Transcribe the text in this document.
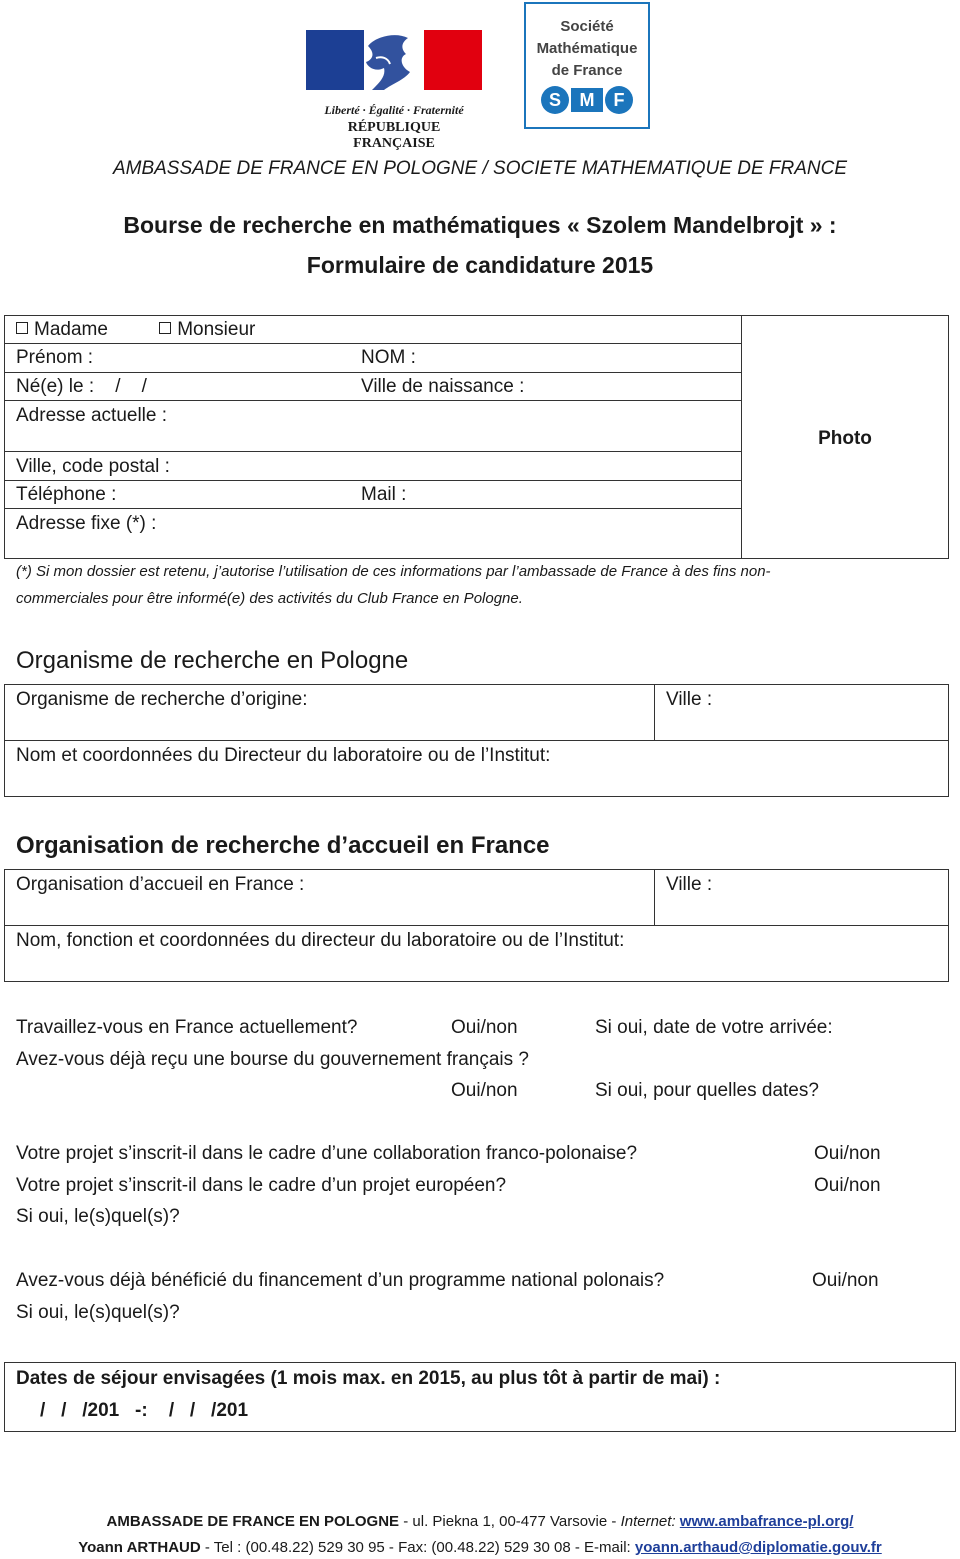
Liberté · Égalité · Fraternité
RÉPUBLIQUE FRANÇAISE
Société
Mathématique
de France
S	M	F
AMBASSADE DE FRANCE EN POLOGNE / SOCIETE MATHEMATIQUE DE FRANCE
Bourse de recherche en mathématiques « Szolem Mandelbrojt » :
Formulaire de candidature 2015
Madame	Monsieur
Prénom :	NOM :
Né(e) le :    /    /	Ville de naissance :
Adresse actuelle :
Ville, code postal :
Téléphone :	Mail :
Adresse fixe (*) :
Photo
(*) Si mon dossier est retenu, j’autorise l’utilisation de ces informations par l’ambassade de France à des fins non-
commerciales pour être informé(e) des activités du Club France en Pologne.
Organisme de recherche en Pologne
Organisme de recherche d’origine:	Ville :
Nom et coordonnées du Directeur du laboratoire ou de l’Institut:
Organisation de recherche d’accueil en France
Organisation d’accueil en France :	Ville :
Nom, fonction et coordonnées du directeur du laboratoire ou de l’Institut:
Travaillez-vous en France actuellement?	Oui/non	Si oui, date de votre arrivée:
Avez-vous déjà reçu une bourse du gouvernement français ?
Oui/non	Si oui, pour quelles dates?
Votre projet s’inscrit-il dans le cadre d’une collaboration franco-polonaise?	Oui/non
Votre projet s’inscrit-il dans le cadre d’un projet européen?	Oui/non
Si oui, le(s)quel(s)?
Avez-vous déjà bénéficié du financement d’un programme national polonais?	Oui/non
Si oui, le(s)quel(s)?
Dates de séjour envisagées (1 mois max. en 2015, au plus tôt à partir de mai) :
/   /   /201   -:    /   /   /201
AMBASSADE DE FRANCE EN POLOGNE - ul. Piekna 1, 00-477 Varsovie - Internet: www.ambafrance-pl.org/
Yoann ARTHAUD - Tel : (00.48.22) 529 30 95 - Fax: (00.48.22) 529 30 08 - E-mail: yoann.arthaud@diplomatie.gouv.fr
